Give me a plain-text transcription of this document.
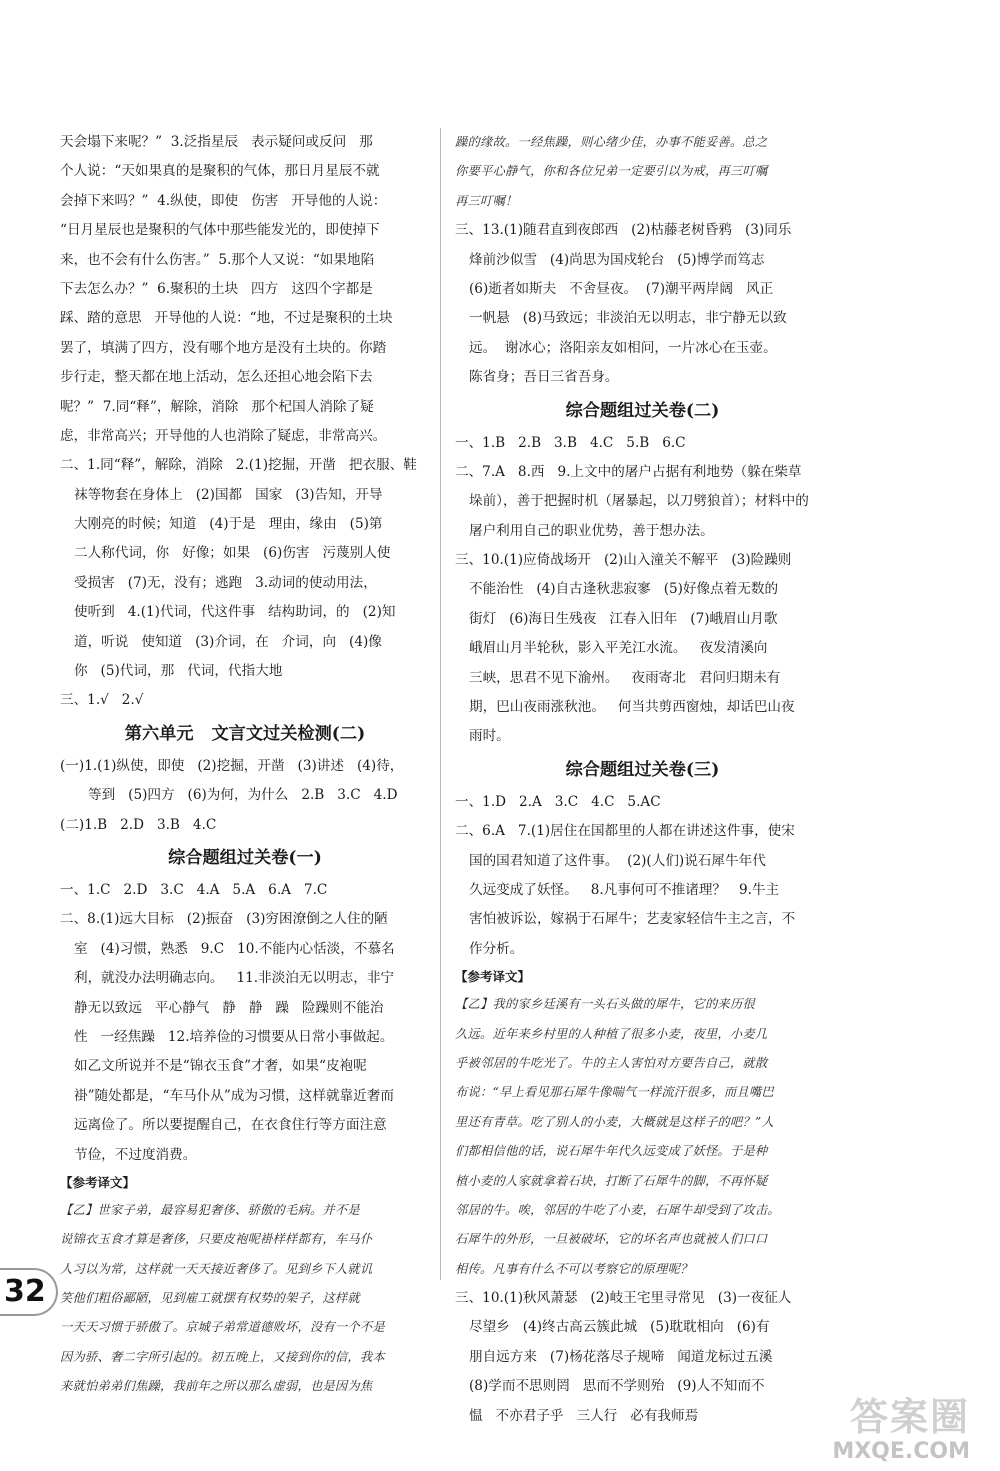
天会塌下来呢？”  3.泛指星辰   表示疑问或反问   那
个人说：“天如果真的是聚积的气体，那日月星辰不就
会掉下来吗？”  4.纵使，即使   伤害   开导他的人说：
“日月星辰也是聚积的气体中那些能发光的，即使掉下
来，也不会有什么伤害。”  5.那个人又说：“如果地陷
下去怎么办？”  6.聚积的土块   四方   这四个字都是
踩、踏的意思   开导他的人说：“地，不过是聚积的土块
罢了，填满了四方，没有哪个地方是没有土块的。你踏
步行走，整天都在地上活动，怎么还担心地会陷下去
呢？”  7.同“释”，解除，消除   那个杞国人消除了疑
虑，非常高兴；开导他的人也消除了疑虑，非常高兴。
二、1.同“释”，解除，消除   2.(1)挖掘，开凿   把衣服、鞋
袜等物套在身体上   (2)国都   国家   (3)告知，开导
大刚亮的时候；知道   (4)于是   理由，缘由   (5)第
二人称代词，你   好像；如果   (6)伤害   污蔑别人使
受损害   (7)无，没有；逃跑   3.动词的使动用法，
使听到   4.(1)代词，代这件事   结构助词，的   (2)知
道，听说   使知道   (3)介词，在   介词，向   (4)像
你   (5)代词，那   代词，代指大地
三、1.√   2.√
第六单元   文言文过关检测(二)
(一)1.(1)纵使，即使   (2)挖掘，开凿   (3)讲述   (4)待，
等到   (5)四方   (6)为何，为什么   2.B   3.C   4.D
(二)1.B   2.D   3.B   4.C
综合题组过关卷(一)
一、1.C   2.D   3.C   4.A   5.A   6.A   7.C
二、8.(1)远大目标   (2)振奋   (3)穷困潦倒之人住的陋
室   (4)习惯，熟悉   9.C   10.不能内心恬淡，不慕名
利，就没办法明确志向。   11.非淡泊无以明志，非宁
静无以致远   平心静气   静   静   躁   险躁则不能治
性   一经焦躁   12.培养俭的习惯要从日常小事做起。
如乙文所说并不是“锦衣玉食”才奢，如果“皮袍呢
褂”随处都是，“车马仆从”成为习惯，这样就靠近奢而
远离俭了。所以要提醒自己，在衣食住行等方面注意
节俭，不过度消费。
【参考译文】
【乙】世家子弟，最容易犯奢侈、骄傲的毛病。并不是
说锦衣玉食才算是奢侈，只要皮袍呢褂样样都有，车马仆
人习以为常，这样就一天天接近奢侈了。见到乡下人就讥
笑他们粗俗鄙陋，见到雇工就摆有权势的架子，这样就
一天天习惯于骄傲了。京城子弟常道德败坏，没有一个不是
因为骄、奢二字所引起的。初五晚上，又接到你的信，我本
来就怕弟弟们焦躁，我前年之所以那么虚弱，也是因为焦
躁的缘故。一经焦躁，则心绪少佳，办事不能妥善。总之
你要平心静气，你和各位兄弟一定要引以为戒，再三叮嘱
再三叮嘱！
三、13.(1)随君直到夜郎西   (2)枯藤老树昏鸦   (3)同乐
烽前沙似雪   (4)尚思为国戍轮台   (5)博学而笃志
(6)逝者如斯夫   不舍昼夜。  (7)潮平两岸阔   风正
一帆悬   (8)马致远；非淡泊无以明志，非宁静无以致
远。  谢冰心；洛阳亲友如相问，一片冰心在玉壶。
陈省身；吾日三省吾身。
综合题组过关卷(二)
一、1.B   2.B   3.B   4.C   5.B   6.C
二、7.A   8.西   9.上文中的屠户占据有利地势（躲在柴草
垛前），善于把握时机（屠暴起，以刀劈狼首）；材料中的
屠户利用自己的职业优势，善于想办法。
三、10.(1)应倚战场开   (2)山入潼关不解平   (3)险躁则
不能治性   (4)自古逢秋悲寂寥   (5)好像点着无数的
街灯   (6)海日生残夜   江春入旧年   (7)峨眉山月歌
峨眉山月半轮秋，影入平羌江水流。   夜发清溪向
三峡，思君不见下渝州。   夜雨寄北   君问归期未有
期，巴山夜雨涨秋池。   何当共剪西窗烛，却话巴山夜
雨时。
综合题组过关卷(三)
一、1.D   2.A   3.C   4.C   5.AC
二、6.A   7.(1)居住在国都里的人都在讲述这件事，使宋
国的国君知道了这件事。  (2)(人们)说石犀牛年代
久远变成了妖怪。   8.凡事何可不推诸理？   9.牛主
害怕被诉讼，嫁祸于石犀牛；艺麦家轻信牛主之言，不
作分析。
【参考译文】
【乙】我的家乡廷溪有一头石头做的犀牛，它的来历很
久远。近年来乡村里的人种植了很多小麦，夜里，小麦几
乎被邻居的牛吃光了。牛的主人害怕对方要告自己，就散
布说：“早上看见那石犀牛像喘气一样流汗很多，而且嘴巴
里还有青草。吃了别人的小麦，大概就是这样子的吧？”人
们都相信他的话，说石犀牛年代久远变成了妖怪。于是种
植小麦的人家就拿着石块，打断了石犀牛的脚，不再怀疑
邻居的牛。唉，邻居的牛吃了小麦，石犀牛却受到了攻击。
石犀牛的外形，一旦被破坏，它的坏名声也就被人们口口
相传。凡事有什么不可以考察它的原理呢？
三、10.(1)秋风萧瑟   (2)岐王宅里寻常见   (3)一夜征人
尽望乡   (4)终古高云簇此城   (5)耽耽相向   (6)有
朋自远方来   (7)杨花落尽子规啼   闻道龙标过五溪
(8)学而不思则罔   思而不学则殆   (9)人不知而不
愠   不亦君子乎   三人行   必有我师焉
32
答案圈
MXQE.COM
